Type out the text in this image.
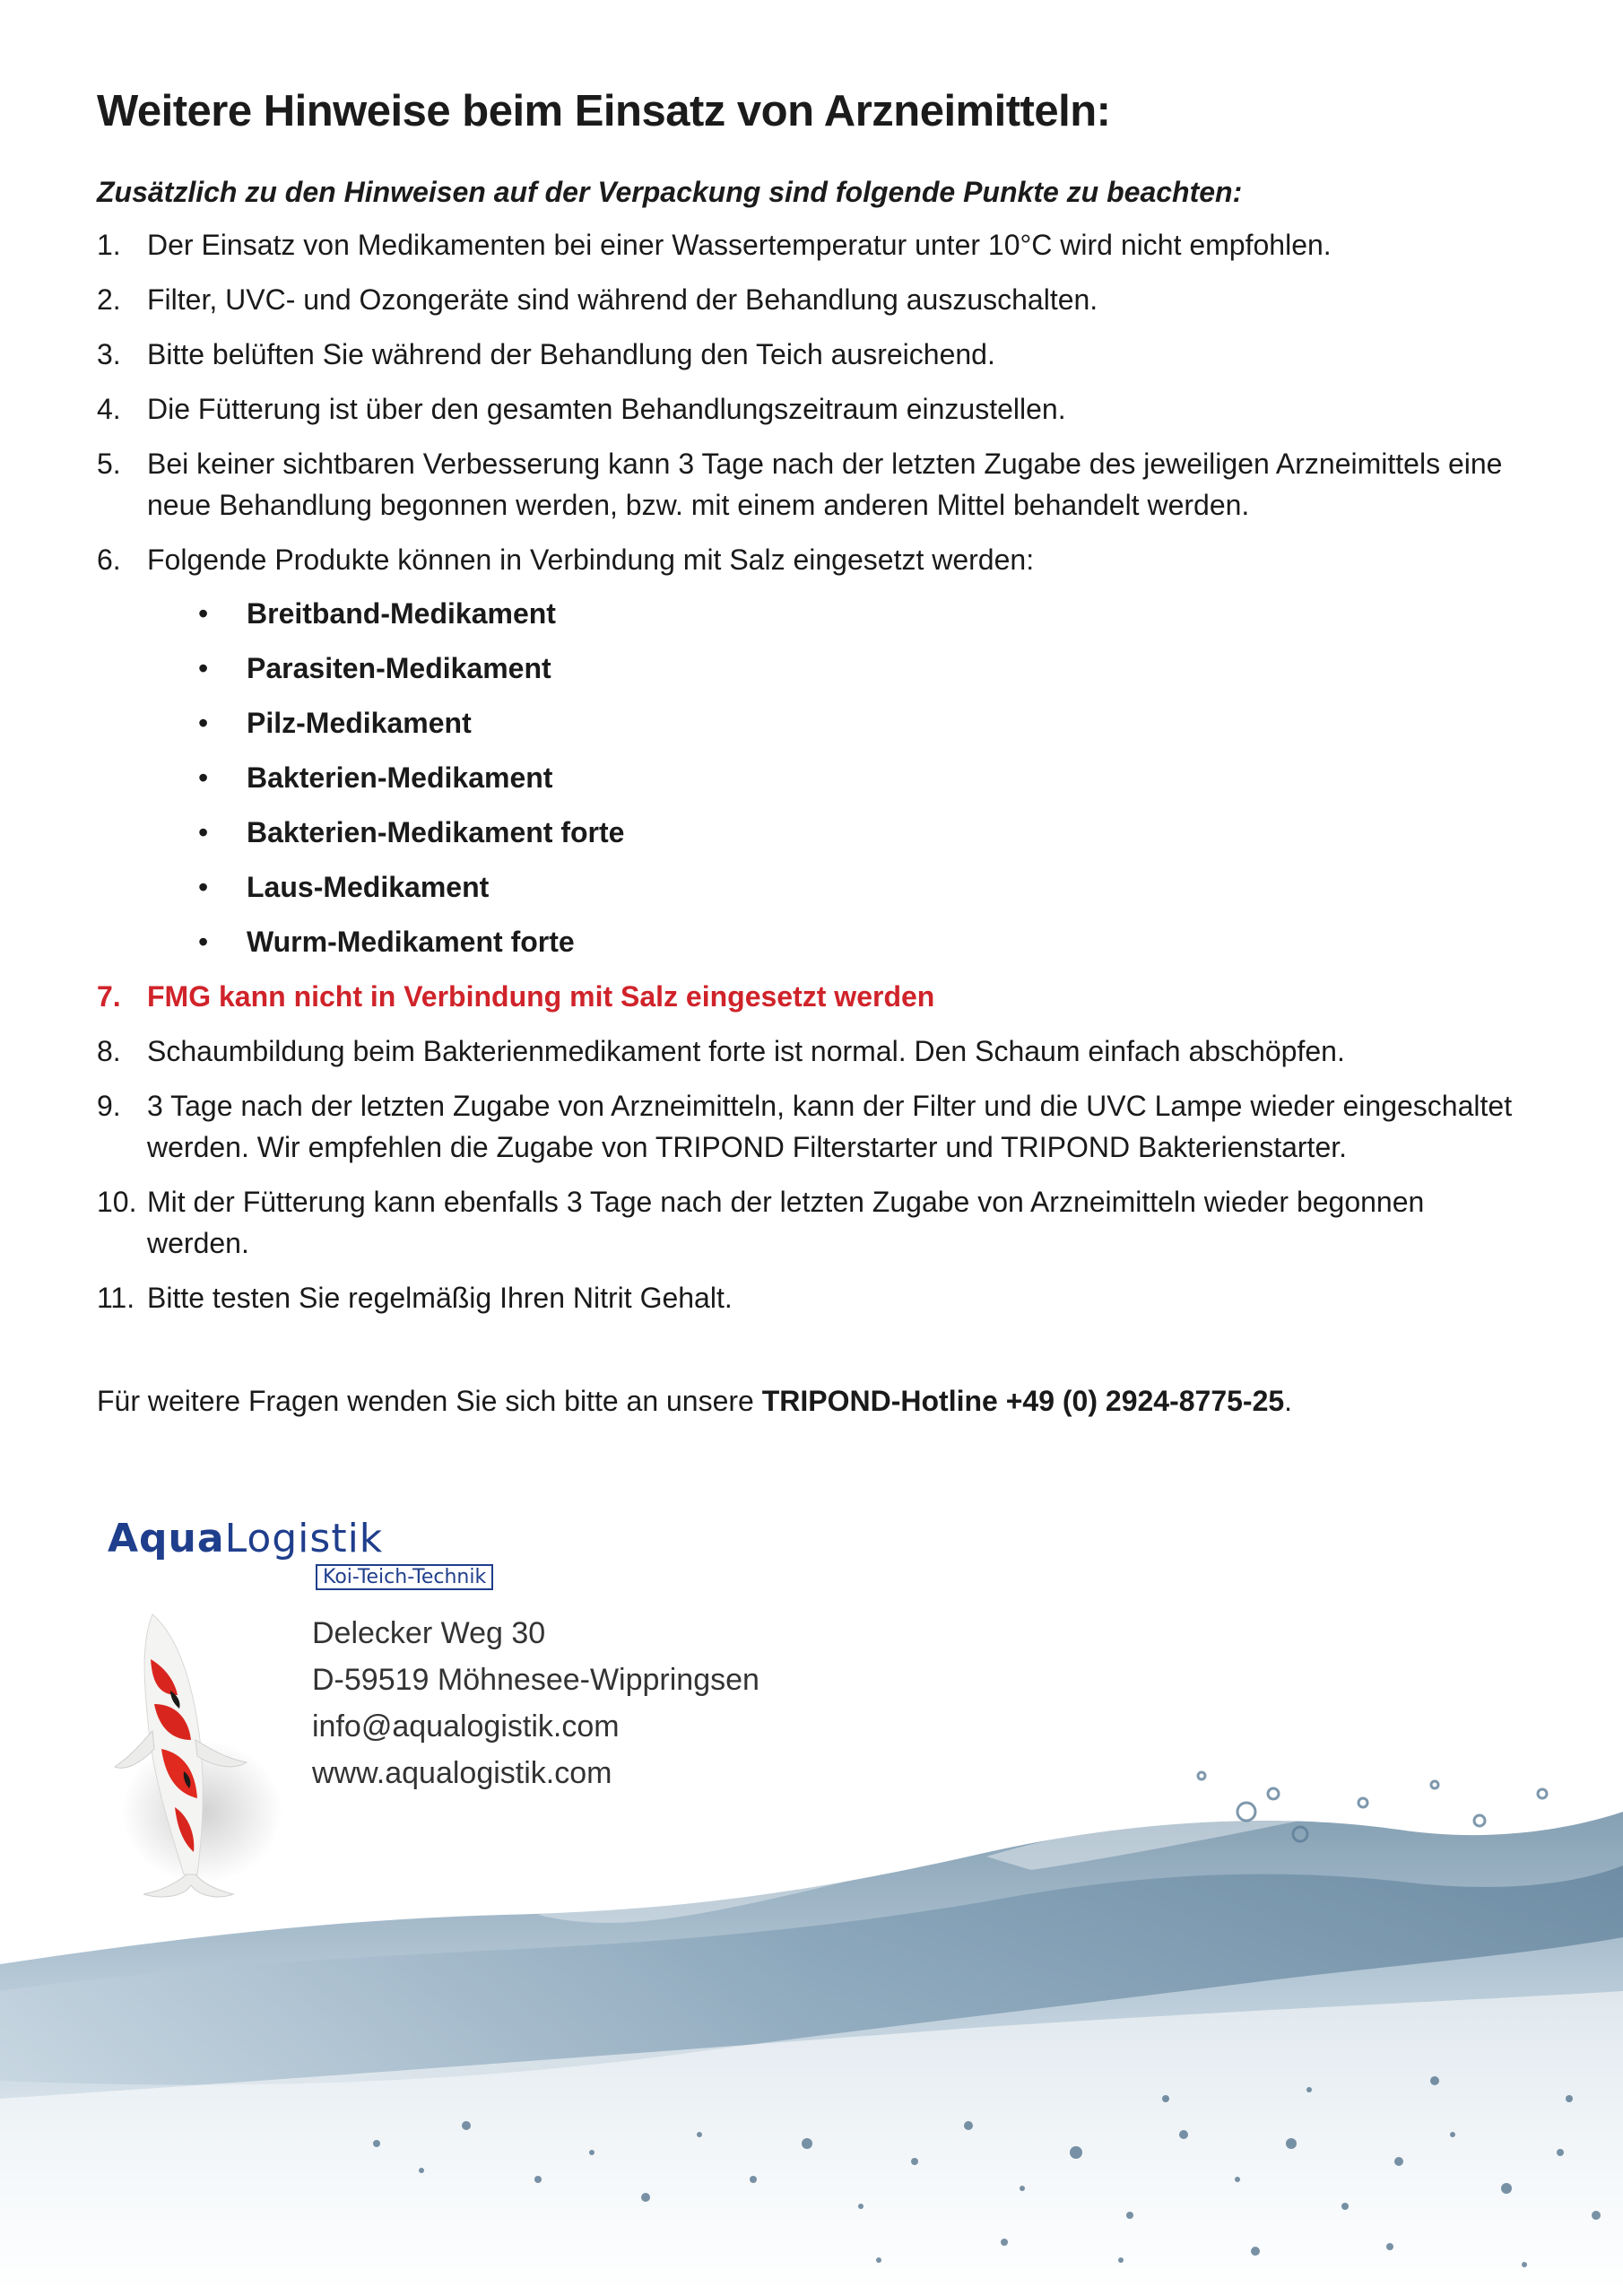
Weitere Hinweise beim Einsatz von Arzneimitteln:

Zusätzlich zu den Hinweisen auf der Verpackung sind folgende Punkte zu beachten:

1. Der Einsatz von Medikamenten bei einer Wassertemperatur unter 10°C wird nicht empfohlen.
2. Filter, UVC- und Ozongeräte sind während der Behandlung auszuschalten.
3. Bitte belüften Sie während der Behandlung den Teich ausreichend.
4. Die Fütterung ist über den gesamten Behandlungszeitraum einzustellen.
5. Bei keiner sichtbaren Verbesserung kann 3 Tage nach der letzten Zugabe des jeweiligen Arzneimittels eine neue Behandlung begonnen werden, bzw. mit einem anderen Mittel behandelt werden.
6. Folgende Produkte können in Verbindung mit Salz eingesetzt werden:
• Breitband-Medikament
• Parasiten-Medikament
• Pilz-Medikament
• Bakterien-Medikament
• Bakterien-Medikament forte
• Laus-Medikament
• Wurm-Medikament forte
7. FMG kann nicht in Verbindung mit Salz eingesetzt werden
8. Schaumbildung beim Bakterienmedikament forte ist normal. Den Schaum einfach abschöpfen.
9. 3 Tage nach der letzten Zugabe von Arzneimitteln, kann der Filter und die UVC Lampe wieder eingeschaltet werden. Wir empfehlen die Zugabe von TRIPOND Filterstarter und TRIPOND Bakterienstarter.
10. Mit der Fütterung kann ebenfalls 3 Tage nach der letzten Zugabe von Arzneimitteln wieder begonnen werden.
11. Bitte testen Sie regelmäßig Ihren Nitrit Gehalt.

Für weitere Fragen wenden Sie sich bitte an unsere TRIPOND-Hotline +49 (0) 2924-8775-25.

AquaLogistik
Koi-Teich-Technik
Delecker Weg 30
D-59519 Möhnesee-Wippringsen
info@aqualogistik.com
www.aqualogistik.com
